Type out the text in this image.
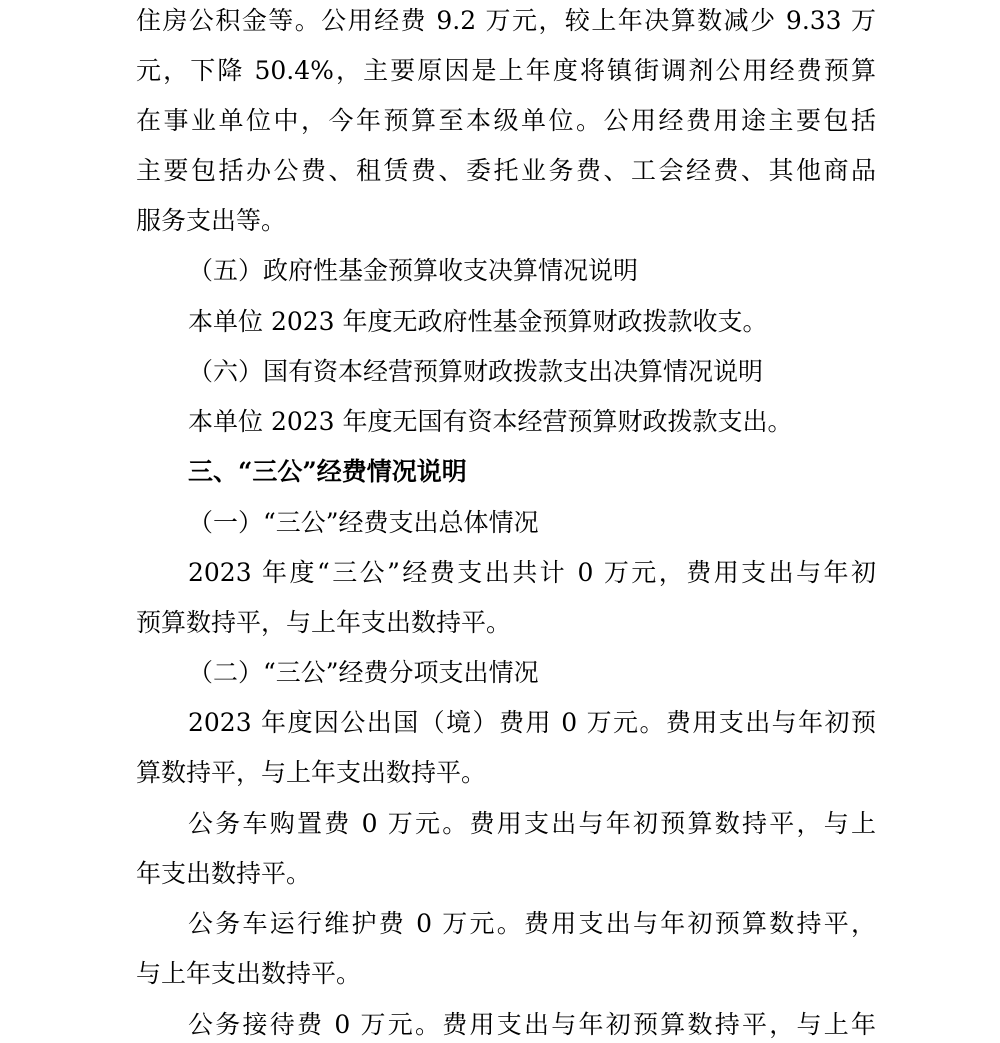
住房公积金等。公用经费 9.2 万元，较上年决算数减少 9.33 万
元，下降 50.4%，主要原因是上年度将镇街调剂公用经费预算
在事业单位中，今年预算至本级单位。公用经费用途主要包括
主要包括办公费、租赁费、委托业务费、工会经费、其他商品
服务支出等。
（五）政府性基金预算收支决算情况说明
本单位 2023 年度无政府性基金预算财政拨款收支。
（六）国有资本经营预算财政拨款支出决算情况说明
本单位 2023 年度无国有资本经营预算财政拨款支出。
三、“三公”经费情况说明
（一）“三公”经费支出总体情况
2023 年度“三公”经费支出共计 0 万元，费用支出与年初
预算数持平，与上年支出数持平。
（二）“三公”经费分项支出情况
2023 年度因公出国（境）费用 0 万元。费用支出与年初预
算数持平，与上年支出数持平。
公务车购置费 0 万元。费用支出与年初预算数持平，与上
年支出数持平。
公务车运行维护费 0 万元。费用支出与年初预算数持平，
与上年支出数持平。
公务接待费 0 万元。费用支出与年初预算数持平，与上年
